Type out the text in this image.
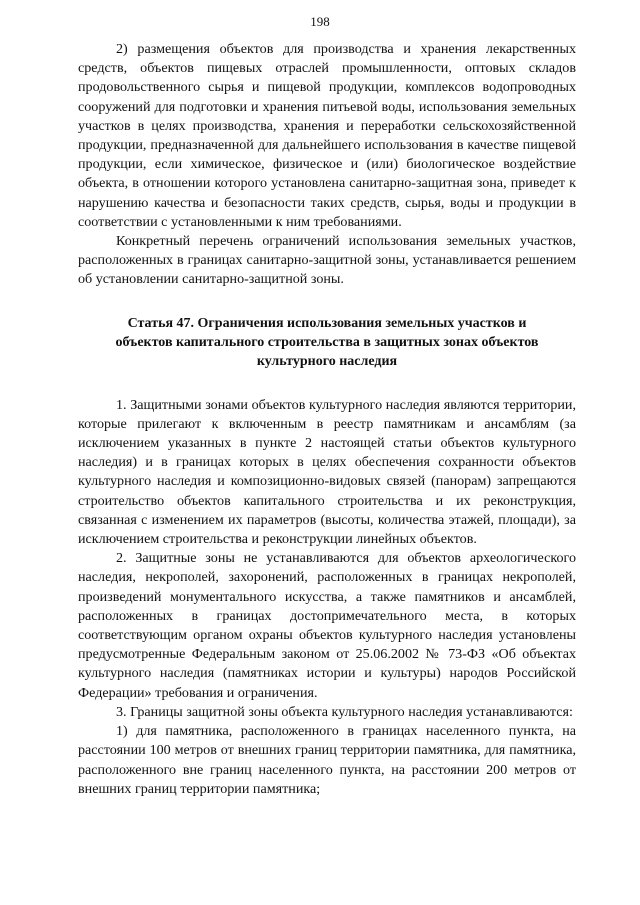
198

2) размещения объектов для производства и хранения лекарственных средств, объектов пищевых отраслей промышленности, оптовых складов продовольственного сырья и пищевой продукции, комплексов водопроводных сооружений для подготовки и хранения питьевой воды, использования земельных участков в целях производства, хранения и переработки сельскохозяйственной продукции, предназначенной для дальнейшего использования в качестве пищевой продукции, если химическое, физическое и (или) биологическое воздействие объекта, в отношении которого установлена санитарно-защитная зона, приведет к нарушению качества и безопасности таких средств, сырья, воды и продукции в соответствии с установленными к ним требованиями.

Конкретный перечень ограничений использования земельных участков, расположенных в границах санитарно-защитной зоны, устанавливается решением об установлении санитарно-защитной зоны.

Статья 47. Ограничения использования земельных участков и объектов капитального строительства в защитных зонах объектов культурного наследия

1. Защитными зонами объектов культурного наследия являются территории, которые прилегают к включенным в реестр памятникам и ансамблям (за исключением указанных в пункте 2 настоящей статьи объектов культурного наследия) и в границах которых в целях обеспечения сохранности объектов культурного наследия и композиционно-видовых связей (панорам) запрещаются строительство объектов капитального строительства и их реконструкция, связанная с изменением их параметров (высоты, количества этажей, площади), за исключением строительства и реконструкции линейных объектов.

2. Защитные зоны не устанавливаются для объектов археологического наследия, некрополей, захоронений, расположенных в границах некрополей, произведений монументального искусства, а также памятников и ансамблей, расположенных в границах достопримечательного места, в которых соответствующим органом охраны объектов культурного наследия установлены предусмотренные Федеральным законом от 25.06.2002 № 73-ФЗ «Об объектах культурного наследия (памятниках истории и культуры) народов Российской Федерации» требования и ограничения.

3. Границы защитной зоны объекта культурного наследия устанавливаются:

1) для памятника, расположенного в границах населенного пункта, на расстоянии 100 метров от внешних границ территории памятника, для памятника, расположенного вне границ населенного пункта, на расстоянии 200 метров от внешних границ территории памятника;
